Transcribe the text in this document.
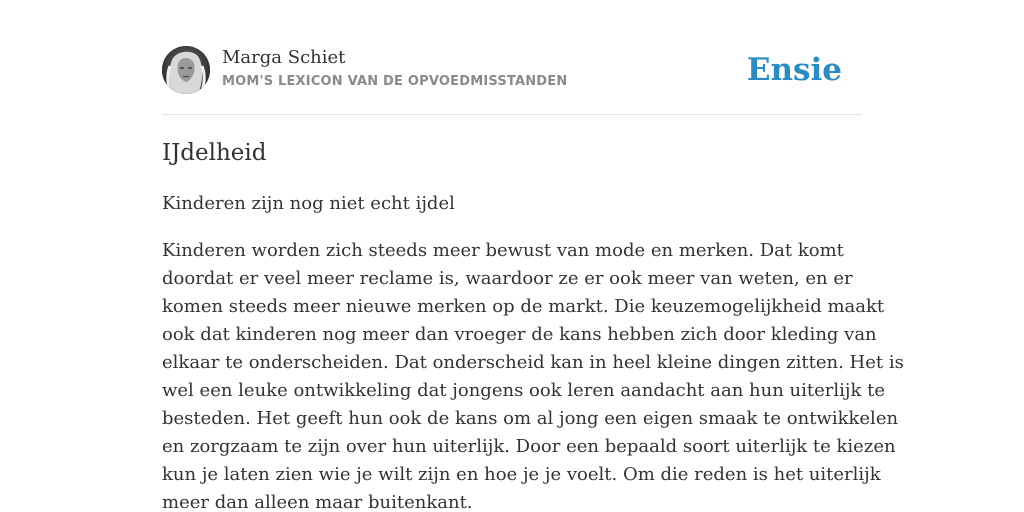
Marga Schiet
MOM'S LEXICON VAN DE OPVOEDMISSTANDEN	Ensie
IJdelheid
Kinderen zijn nog niet echt ijdel
Kinderen worden zich steeds meer bewust van mode en merken. Dat komt
doordat er veel meer reclame is, waardoor ze er ook meer van weten, en er
komen steeds meer nieuwe merken op de markt. Die keuzemogelijkheid maakt
ook dat kinderen nog meer dan vroeger de kans hebben zich door kleding van
elkaar te onderscheiden. Dat onderscheid kan in heel kleine dingen zitten. Het is
wel een leuke ontwikkeling dat jongens ook leren aandacht aan hun uiterlijk te
besteden. Het geeft hun ook de kans om al jong een eigen smaak te ontwikkelen
en zorgzaam te zijn over hun uiterlijk. Door een bepaald soort uiterlijk te kiezen
kun je laten zien wie je wilt zijn en hoe je je voelt. Om die reden is het uiterlijk
meer dan alleen maar buitenkant.
